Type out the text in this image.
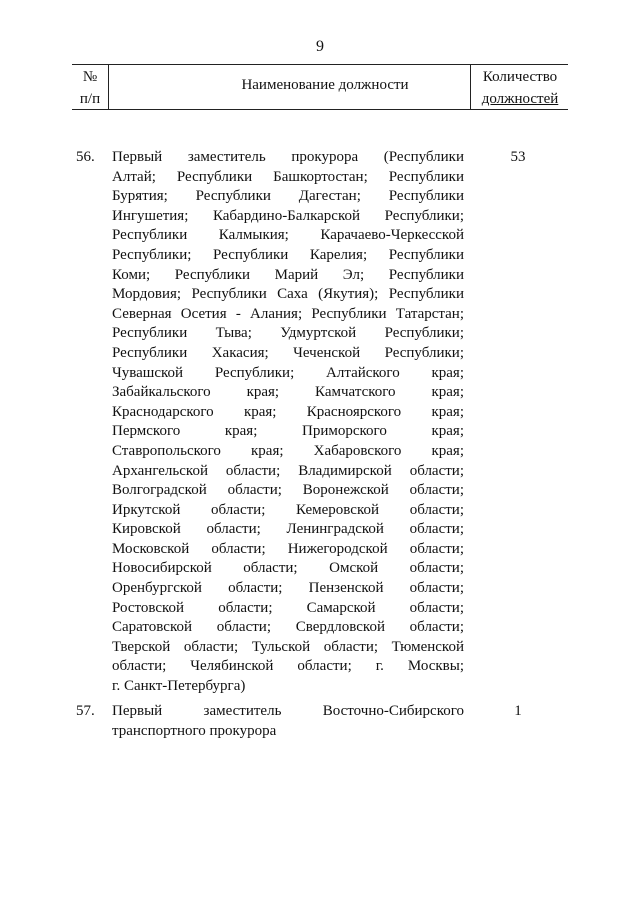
9
№
п/п
Наименование должности	Количество
должностей
56. Первый заместитель прокурора (Республики
Алтай; Республики Башкортостан; Республики
Бурятия; Республики Дагестан; Республики
Ингушетия; Кабардино-Балкарской Республики;
Республики Калмыкия; Карачаево-Черкесской
Республики; Республики Карелия; Республики
Коми; Республики Марий Эл; Республики
Мордовия; Республики Саха (Якутия); Республики
Северная Осетия - Алания; Республики Татарстан;
Республики Тыва; Удмуртской Республики;
Республики Хакасия; Чеченской Республики;
Чувашской Республики; Алтайского края;
Забайкальского края; Камчатского края;
Краснодарского края; Красноярского края;
Пермского края; Приморского края;
Ставропольского края; Хабаровского края;
Архангельской области; Владимирской области;
Волгоградской области; Воронежской области;
Иркутской области; Кемеровской области;
Кировской области; Ленинградской области;
Московской области; Нижегородской области;
Новосибирской области; Омской области;
Оренбургской области; Пензенской области;
Ростовской области; Самарской области;
Саратовской области; Свердловской области;
Тверской области; Тульской области; Тюменской
области; Челябинской области; г. Москвы;
г. Санкт-Петербурга)
53
57. Первый заместитель Восточно-Сибирского
транспортного прокурора
1
